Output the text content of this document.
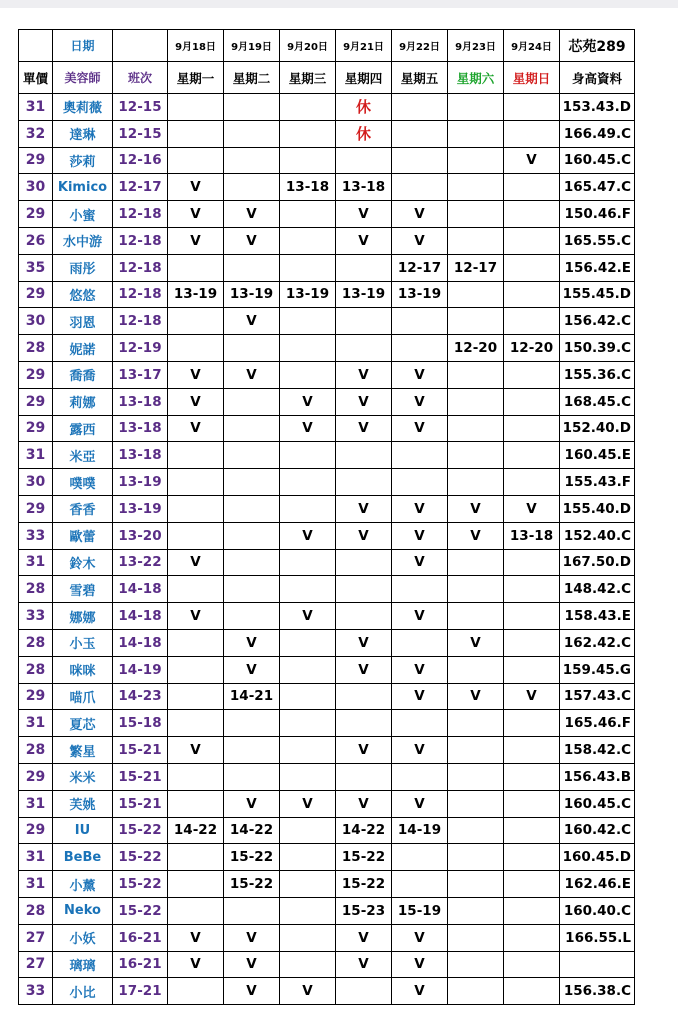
	日期		9月18日	9月19日	9月20日	9月21日	9月22日	9月23日	9月24日	芯苑289
單價	美容師	班次	星期一	星期二	星期三	星期四	星期五	星期六	星期日	身高資料
31	奧莉薇	12-15				休				153.43.D
32	達琳	12-15				休				166.49.C
29	莎莉	12-16							V	160.45.C
30	Kimico	12-17	V		13-18	13-18				165.47.C
29	小蜜	12-18	V	V		V	V			150.46.F
26	水中游	12-18	V	V		V	V			165.55.C
35	雨彤	12-18					12-17	12-17		156.42.E
29	悠悠	12-18	13-19	13-19	13-19	13-19	13-19			155.45.D
30	羽恩	12-18		V						156.42.C
28	妮諾	12-19						12-20	12-20	150.39.C
29	喬喬	13-17	V	V		V	V			155.36.C
29	莉娜	13-18	V		V	V	V			168.45.C
29	露西	13-18	V		V	V	V			152.40.D
31	米亞	13-18								160.45.E
30	噗噗	13-19								155.43.F
29	香香	13-19				V	V	V	V	155.40.D
33	歐蕾	13-20			V	V	V	V	13-18	152.40.C
31	鈴木	13-22	V				V			167.50.D
28	雪碧	14-18								148.42.C
33	娜娜	14-18	V		V		V			158.43.E
28	小玉	14-18		V		V		V		162.42.C
28	咪咪	14-19		V		V	V			159.45.G
29	喵爪	14-23		14-21			V	V	V	157.43.C
31	夏芯	15-18								165.46.F
28	繁星	15-21	V			V	V			158.42.C
29	米米	15-21								156.43.B
31	芙姚	15-21		V	V	V	V			160.45.C
29	IU	15-22	14-22	14-22		14-22	14-19			160.42.C
31	BeBe	15-22		15-22		15-22				160.45.D
31	小薰	15-22		15-22		15-22				162.46.E
28	Neko	15-22				15-23	15-19			160.40.C
27	小妖	16-21	V	V		V	V			166.55.L
27	璃璃	16-21	V	V		V	V			
33	小比	17-21		V	V		V			156.38.C
